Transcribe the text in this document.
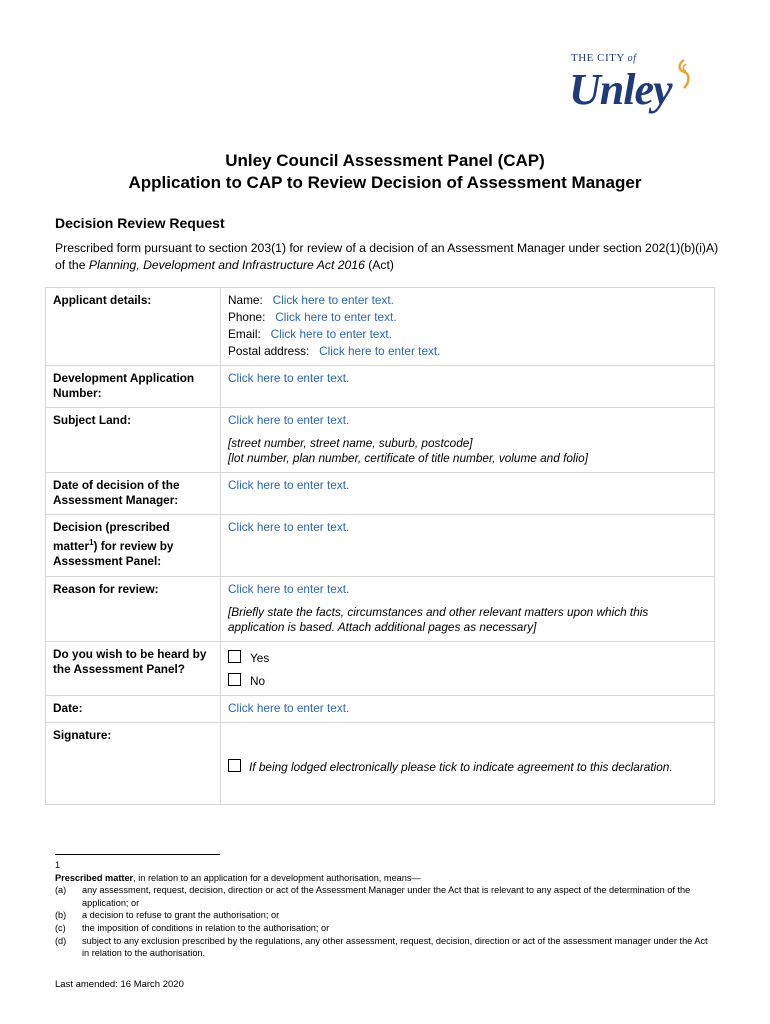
THE CITY of
Unley
Unley Council Assessment Panel (CAP)
Application to CAP to Review Decision of Assessment Manager
Decision Review Request
Prescribed form pursuant to section 203(1) for review of a decision of an Assessment Manager under section 202(1)(b)(i)A) of the Planning, Development and Infrastructure Act 2016 (Act)
Applicant details:	Name: Click here to enter text.
Phone: Click here to enter text.
Email: Click here to enter text.
Postal address: Click here to enter text.

Development Application Number:	Click here to enter text.
Subject Land:	Click here to enter text.
[street number, street name, suburb, postcode]
[lot number, plan number, certificate of title number, volume and folio]

Date of decision of the Assessment Manager:	Click here to enter text.
Decision (prescribed matter$^1$) for review by Assessment Panel:	Click here to enter text.
Reason for review:	Click here to enter text.
[Briefly state the facts, circumstances and other relevant matters upon which this application is based. Attach additional pages as necessary]

Do you wish to be heard by the Assessment Panel?	Yes
No

Date:	Click here to enter text.
Signature:	If being lodged electronically please tick to indicate agreement to this declaration.
1
Prescribed matter, in relation to an application for a development authorisation, means—
(a)	any assessment, request, decision, direction or act of the Assessment Manager under the Act that is relevant to any aspect of the determination of the application; or
(b)	a decision to refuse to grant the authorisation; or
(c)	the imposition of conditions in relation to the authorisation; or
(d)	subject to any exclusion prescribed by the regulations, any other assessment, request, decision, direction or act of the assessment manager under the Act in relation to the authorisation.
Last amended: 16 March 2020
